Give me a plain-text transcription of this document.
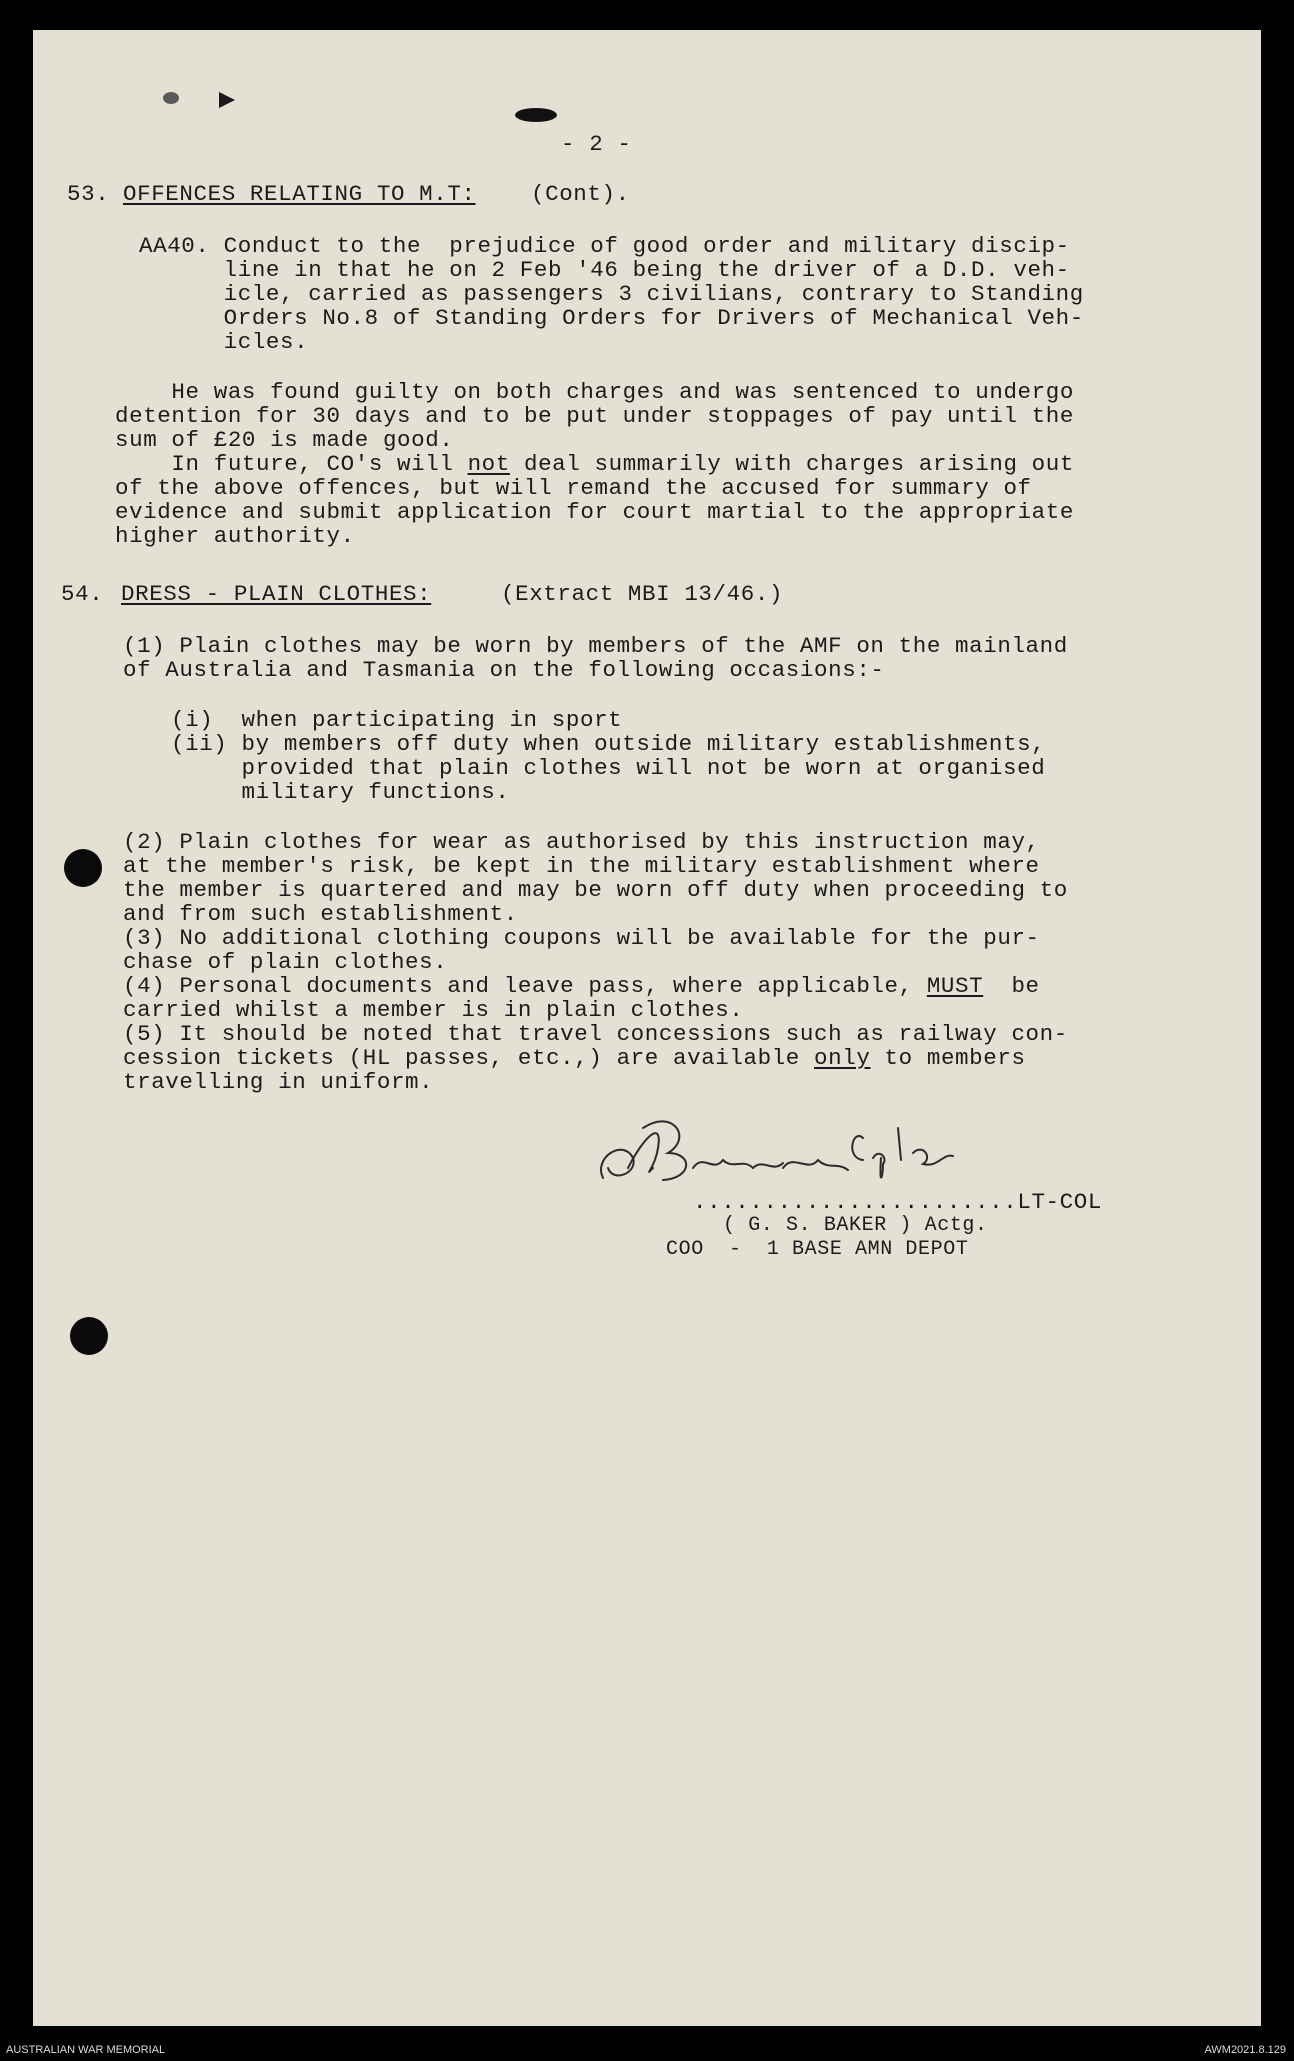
- 2 -
53. OFFENCES RELATING TO M.T: (Cont).
AA40. Conduct to the  prejudice of good order and military discip-
line in that he on 2 Feb '46 being the driver of a D.D. veh-
icle, carried as passengers 3 civilians, contrary to Standing
Orders No.8 of Standing Orders for Drivers of Mechanical Veh-
icles.
He was found guilty on both charges and was sentenced to undergo
detention for 30 days and to be put under stoppages of pay until the
sum of £20 is made good.
In future, CO's will not deal summarily with charges arising out
of the above offences, but will remand the accused for summary of
evidence and submit application for court martial to the appropriate
higher authority.
54. DRESS - PLAIN CLOTHES:	(Extract MBI 13/46.)
(1) Plain clothes may be worn by members of the AMF on the mainland
of Australia and Tasmania on the following occasions:-
(i)  when participating in sport
(ii) by members off duty when outside military establishments,
provided that plain clothes will not be worn at organised
military functions.
(2) Plain clothes for wear as authorised by this instruction may,
at the member's risk, be kept in the military establishment where
the member is quartered and may be worn off duty when proceeding to
and from such establishment.
(3) No additional clothing coupons will be available for the pur-
chase of plain clothes.
(4) Personal documents and leave pass, where applicable, MUST  be
carried whilst a member is in plain clothes.
(5) It should be noted that travel concessions such as railway con-
cession tickets (HL passes, etc.,) are available only to members
travelling in uniform.
.......................LT-COL
( G. S. BAKER ) Actg.
COO  -  1 BASE AMN DEPOT
AUSTRALIAN WAR MEMORIAL	AWM2021.8.129
